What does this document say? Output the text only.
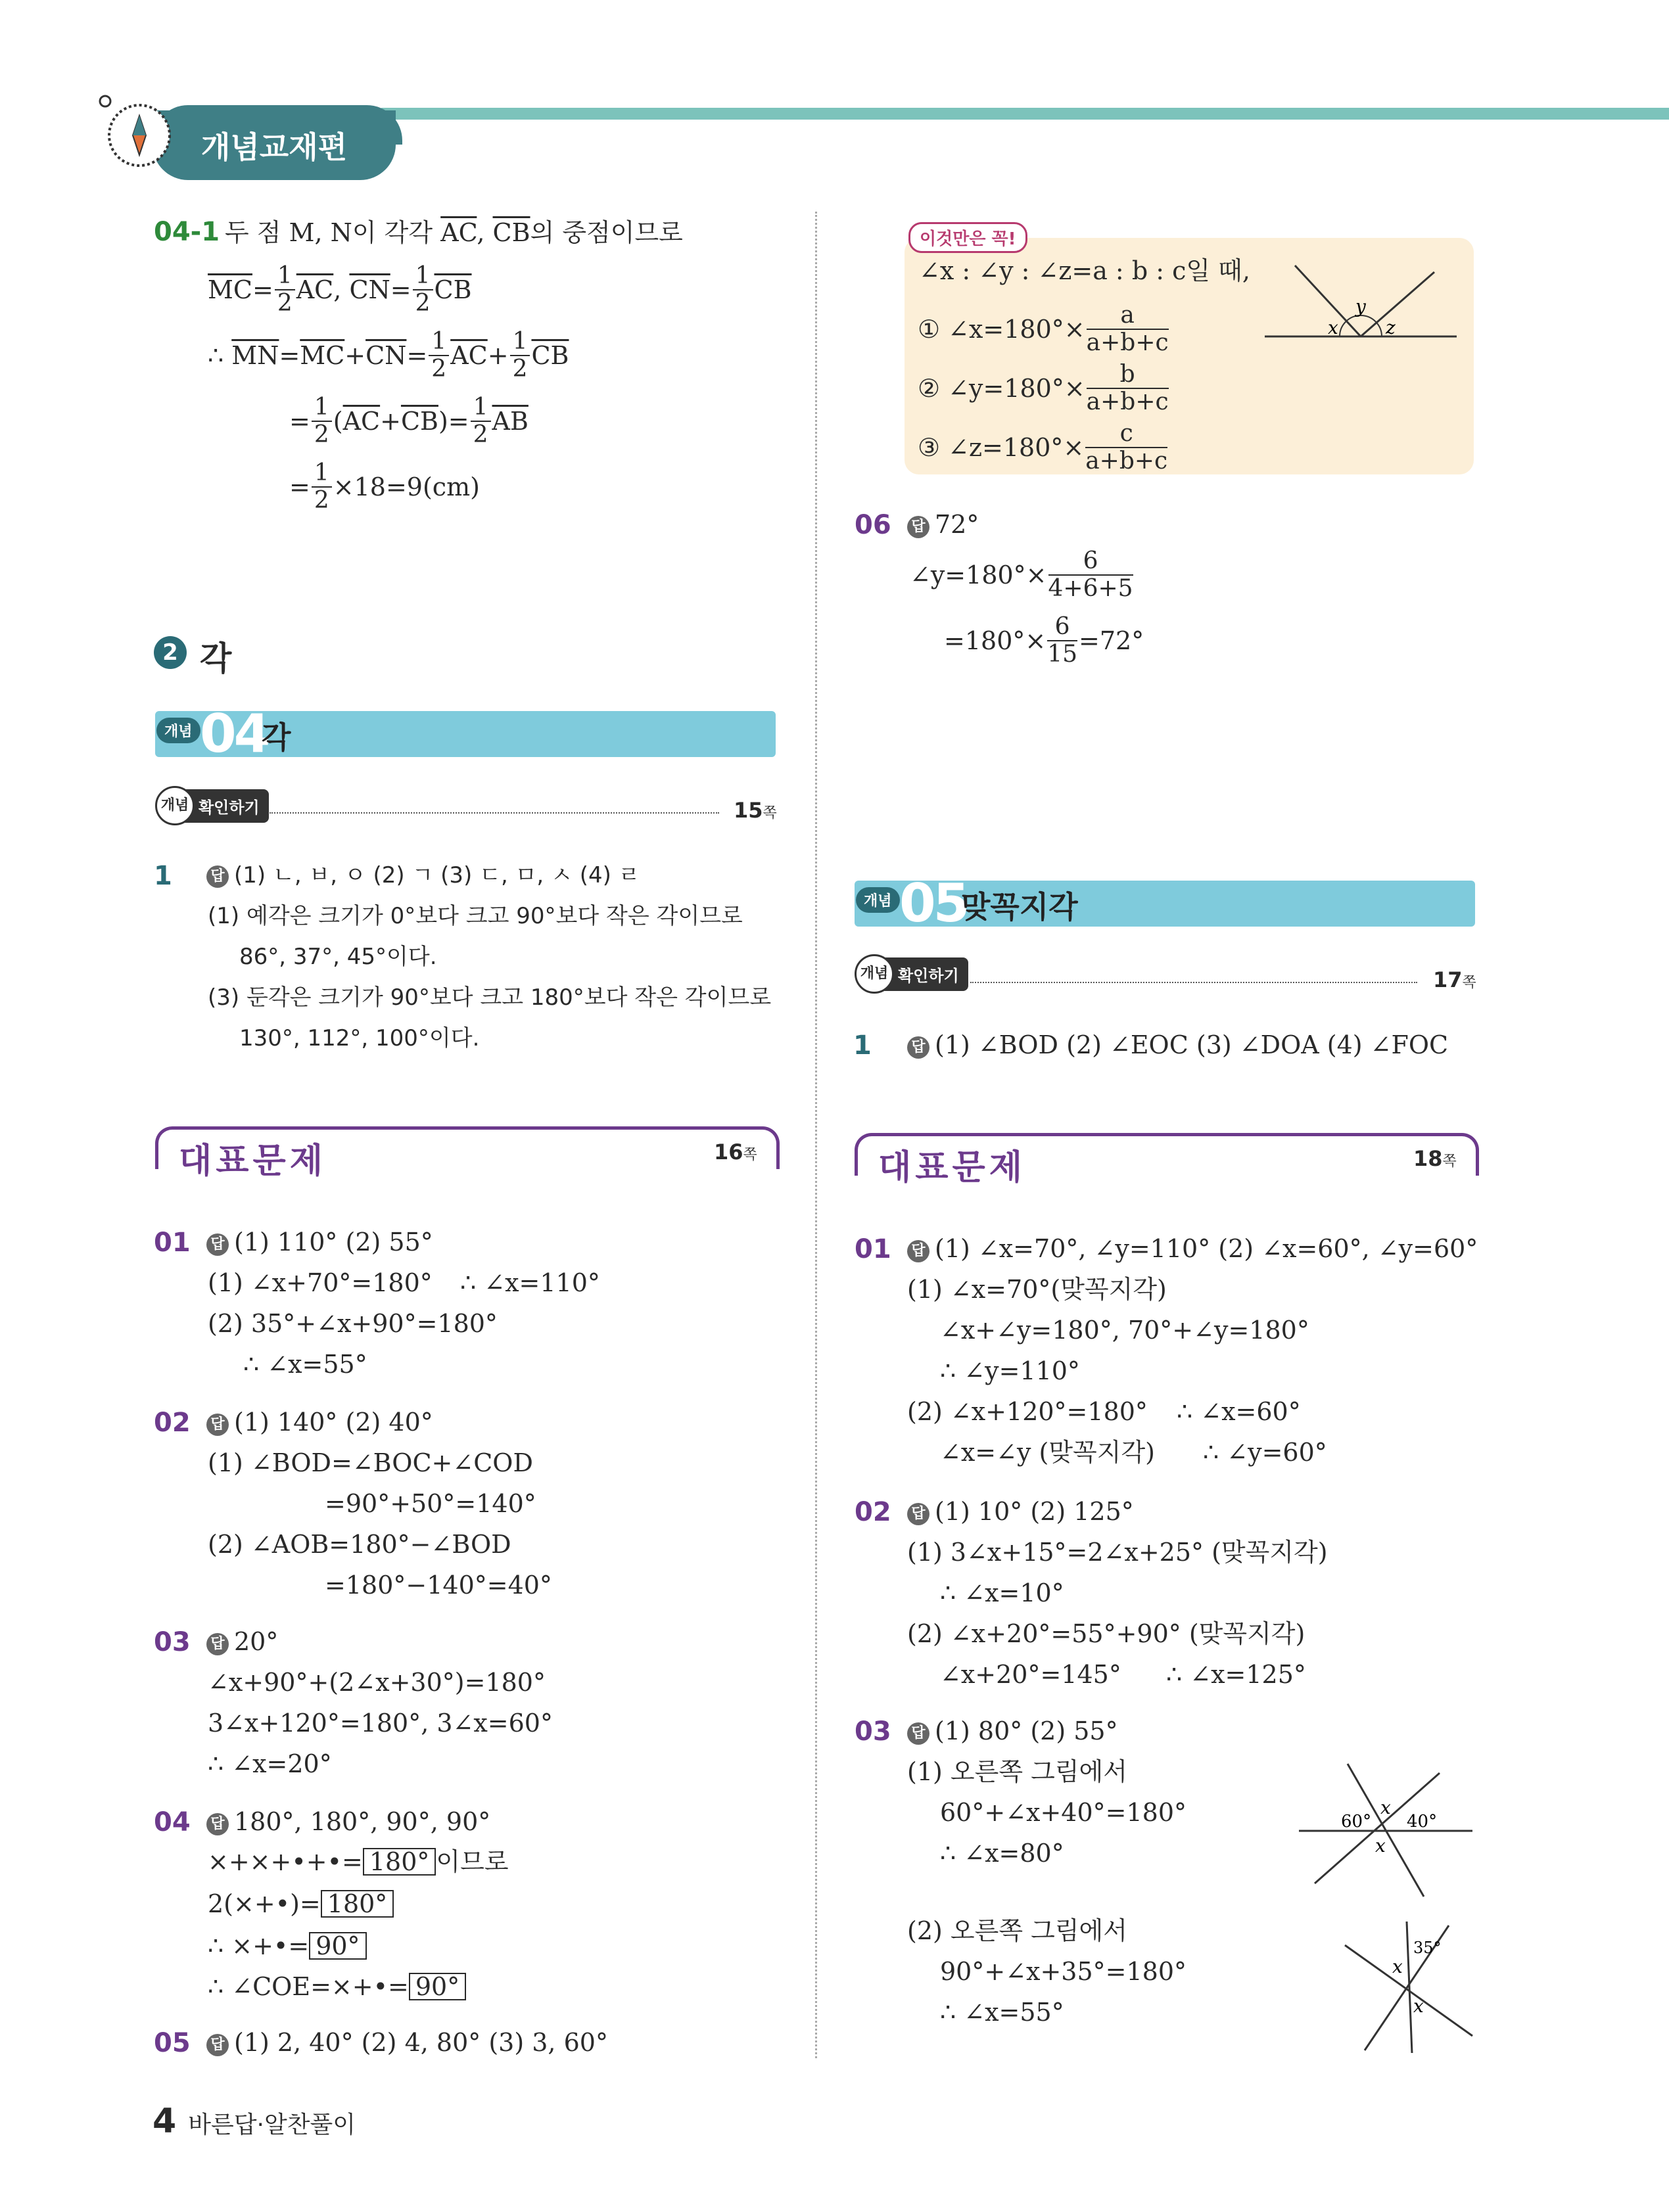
개념교재편
04-1 두 점 M, N이 각각 $\overline{AC}$, $\overline{CB}$의 중점이므로
$\overline{MC} = \frac{1}{2} \overline{AC}$ , $\overline{CN} = \frac{1}{2} \overline{CB}$
∴ $\overline{MN} = \overline{MC} + \overline{CN} = \frac{1}{2} \overline{AC} + \frac{1}{2} \overline{CB}$
= $\frac{1}{2}$ ( $\overline{AC} + \overline{CB}$ )= $\frac{1}{2} \overline{AB}$
= $\frac{1}{2} \times 18=9(cm)$
2 각
개념 04
각
개념 확인하기	15쪽
1	답 (1) ㄴ, ㅂ, ㅇ (2) ㄱ (3) ㄷ, ㅁ, ㅅ (4) ㄹ
(1) 예각은 크기가 0°보다 크고 90°보다 작은 각이므로
86°, 37°, 45°이다.
(3) 둔각은 크기가 90°보다 크고 180°보다 작은 각이므로
130°, 112°, 100°이다.
대표문제	16쪽
01 답 (1) 110° (2) 55°
(1) ∠x+70°=180° ∴ ∠x=110°
(2) 35°+∠x+90°=180°
∴ ∠x=55°
02 답 (1) 140° (2) 40°
(1) ∠BOD=∠BOC+∠COD
=90°+50°=140°
(2) ∠AOB=180°−∠BOD
=180°−140°=40°
03 답 20°
∠x+90°+(2∠x+30°)=180°
3∠x+120°=180°, 3∠x=60°
∴ ∠x=20°
04 답 180°, 180°, 90°, 90°
×+×+•+•= 180° 이므로
2(×+•)= 180°
∴ ×+•= 90°
∴ ∠COE=×+•= 90°
05 답 (1) 2, 40° (2) 4, 80° (3) 3, 60°
이것만은 꼭!
∠x : ∠y : ∠z=a : b : c일 때,
① ∠x=180°× $\frac{a}{a+b+c}$
② ∠y=180°× $\frac{b}{a+b+c}$
③ ∠z=180°× $\frac{c}{a+b+c}$
x
y
z
06 답 72°
∠y=180°× $\frac{6}{4+6+5}$
$=180^\circ\times \frac{6}{15} =72^\circ$
개념 05
맞꼭지각
개념 확인하기	17쪽
1	답 (1) ∠BOD (2) ∠EOC (3) ∠DOA (4) ∠FOC
대표문제	18쪽
01 답 (1) ∠x=70°, ∠y=110° (2) ∠x=60°, ∠y=60°
(1) ∠x=70°(맞꼭지각)
∠x+∠y=180°, 70°+∠y=180°
∴ ∠y=110°
(2) ∠x+120°=180° ∴ ∠x=60°
∠x=∠y (맞꼭지각) ∴ ∠y=60°
02 답 (1) 10° (2) 125°
(1) 3∠x+15°=2∠x+25° (맞꼭지각)
∴ ∠x=10°
(2) ∠x+20°=55°+90° (맞꼭지각)
∠x+20°=145° ∴ ∠x=125°
03 답 (1) 80° (2) 55°
(1) 오른쪽 그림에서
60°+∠x+40°=180°
∴ ∠x=80°
(2) 오른쪽 그림에서
90°+∠x+35°=180°
∴ ∠x=55°
60° 40°
x
x
35°
x
x
4 바른답·알찬풀이
